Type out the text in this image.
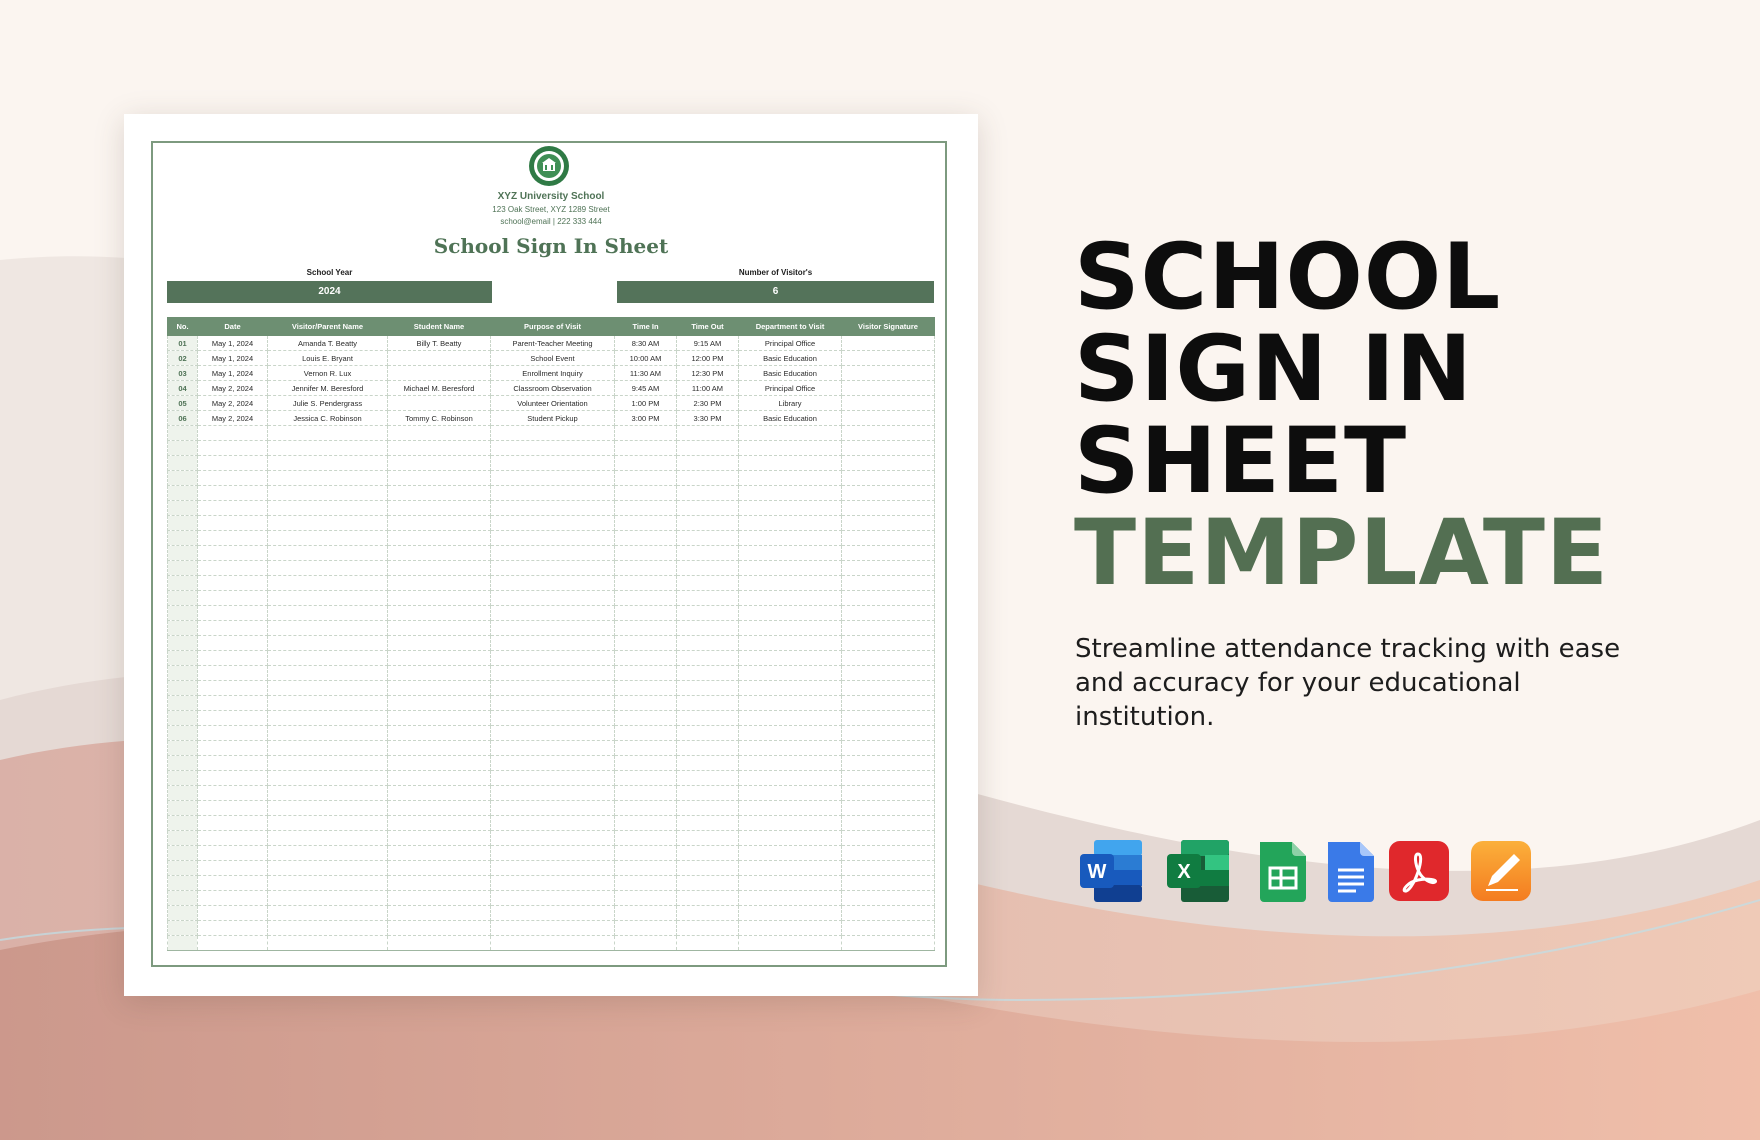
XYZ University School
123 Oak Street, XYZ 1289 Street
school@email | 222 333 444
School Sign In Sheet
School Year
2024
Number of Visitor's
6
No.	Date	Visitor/Parent Name	Student Name	Purpose of Visit	Time In	Time Out	Department to Visit	Visitor Signature
01	May 1, 2024	Amanda T. Beatty	Billy T. Beatty	Parent-Teacher Meeting	8:30 AM	9:15 AM	Principal Office	
02	May 1, 2024	Louis E. Bryant		School Event	10:00 AM	12:00 PM	Basic Education	
03	May 1, 2024	Vernon R. Lux		Enrollment Inquiry	11:30 AM	12:30 PM	Basic Education	
04	May 2, 2024	Jennifer M. Beresford	Michael M. Beresford	Classroom Observation	9:45 AM	11:00 AM	Principal Office	
05	May 2, 2024	Julie S. Pendergrass		Volunteer Orientation	1:00 PM	2:30 PM	Library	
06	May 2, 2024	Jessica C. Robinson	Tommy C. Robinson	Student Pickup	3:00 PM	3:30 PM	Basic Education	

SCHOOL
SIGN IN
SHEET
TEMPLATE
Streamline attendance tracking with ease and accuracy for your educational institution.
W	X
